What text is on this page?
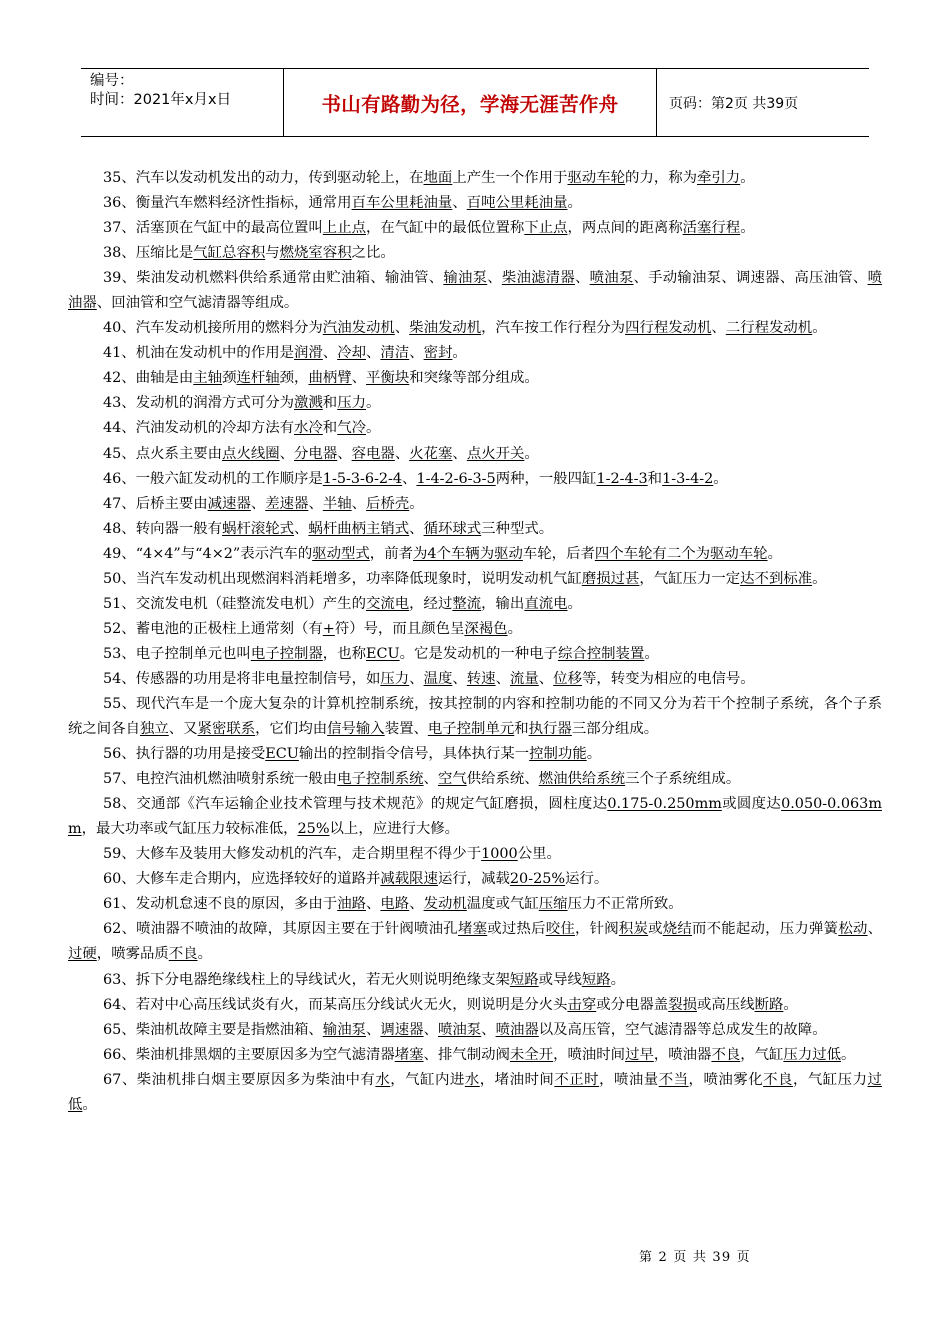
编号：
时间：2021年x月x日	书山有路勤为径，学海无涯苦作舟	页码：第2页 共39页

35、汽车以发动机发出的动力，传到驱动轮上，在地面上产生一个作用于驱动车轮的力，称为牵引力。

36、衡量汽车燃料经济性指标，通常用百车公里耗油量、百吨公里耗油量。

37、活塞顶在气缸中的最高位置叫上止点，在气缸中的最低位置称下止点，两点间的距离称活塞行程。

38、压缩比是气缸总容积与燃烧室容积之比。

39、柴油发动机燃料供给系通常由贮油箱、输油管、输油泵、柴油滤清器、喷油泵、手动输油泵、调速器、高压油管、喷油器、回油管和空气滤清器等组成。

40、汽车发动机接所用的燃料分为汽油发动机、柴油发动机，汽车按工作行程分为四行程发动机、二行程发动机。

41、机油在发动机中的作用是润滑、冷却、清洁、密封。

42、曲轴是由主轴颈连杆轴颈，曲柄臂、平衡块和突缘等部分组成。

43、发动机的润滑方式可分为激溅和压力。

44、汽油发动机的冷却方法有水冷和气冷。

45、点火系主要由点火线圈、分电器、容电器、火花塞、点火开关。

46、一般六缸发动机的工作顺序是1-5-3-6-2-4、1-4-2-6-3-5两种，一般四缸1-2-4-3和1-3-4-2。

47、后桥主要由减速器、差速器、半轴、后桥壳。

48、转向器一般有蜗杆滚轮式、蜗杆曲柄主销式、循环球式三种型式。

49、“4×4”与“4×2”表示汽车的驱动型式，前者为4个车辆为驱动车轮，后者四个车轮有二个为驱动车轮。

50、当汽车发动机出现燃润料消耗增多，功率降低现象时，说明发动机气缸磨损过甚，气缸压力一定达不到标准。

51、交流发电机（硅整流发电机）产生的交流电，经过整流，输出直流电。

52、蓄电池的正极柱上通常刻（有+符）号，而且颜色呈深褐色。

53、电子控制单元也叫电子控制器，也称ECU。它是发动机的一种电子综合控制装置。

54、传感器的功用是将非电量控制信号，如压力、温度、转速、流量、位移等，转变为相应的电信号。

55、现代汽车是一个庞大复杂的计算机控制系统，按其控制的内容和控制功能的不同又分为若干个控制子系统，各个子系统之间各自独立、又紧密联系，它们均由信号输入装置、电子控制单元和执行器三部分组成。

56、执行器的功用是接受ECU输出的控制指令信号，具体执行某一控制功能。

57、电控汽油机燃油喷射系统一般由电子控制系统、空气供给系统、燃油供给系统三个子系统组成。

58、交通部《汽车运输企业技术管理与技术规范》的规定气缸磨损，圆柱度达0.175-0.250mm或圆度达0.050-0.063mm，最大功率或气缸压力较标准低，25%以上，应进行大修。

59、大修车及装用大修发动机的汽车，走合期里程不得少于1000公里。

60、大修车走合期内，应选择较好的道路并减载限速运行，减载20-25%运行。

61、发动机怠速不良的原因，多由于油路、电路、发动机温度或气缸压缩压力不正常所致。

62、喷油器不喷油的故障，其原因主要在于针阀喷油孔堵塞或过热后咬住，针阀积炭或烧结而不能起动，压力弹簧松动、过硬，喷雾品质不良。

63、拆下分电器绝缘线柱上的导线试火，若无火则说明绝缘支架短路或导线短路。

64、若对中心高压线试炎有火，而某高压分线试火无火，则说明是分火头击穿或分电器盖裂损或高压线断路。

65、柴油机故障主要是指燃油箱、输油泵、调速器、喷油泵、喷油器以及高压管，空气滤清器等总成发生的故障。

66、柴油机排黑烟的主要原因多为空气滤清器堵塞、排气制动阀未全开，喷油时间过早，喷油器不良，气缸压力过低。

67、柴油机排白烟主要原因多为柴油中有水，气缸内进水，堵油时间不正时，喷油量不当，喷油雾化不良，气缸压力过低。

第 2 页 共 39 页
